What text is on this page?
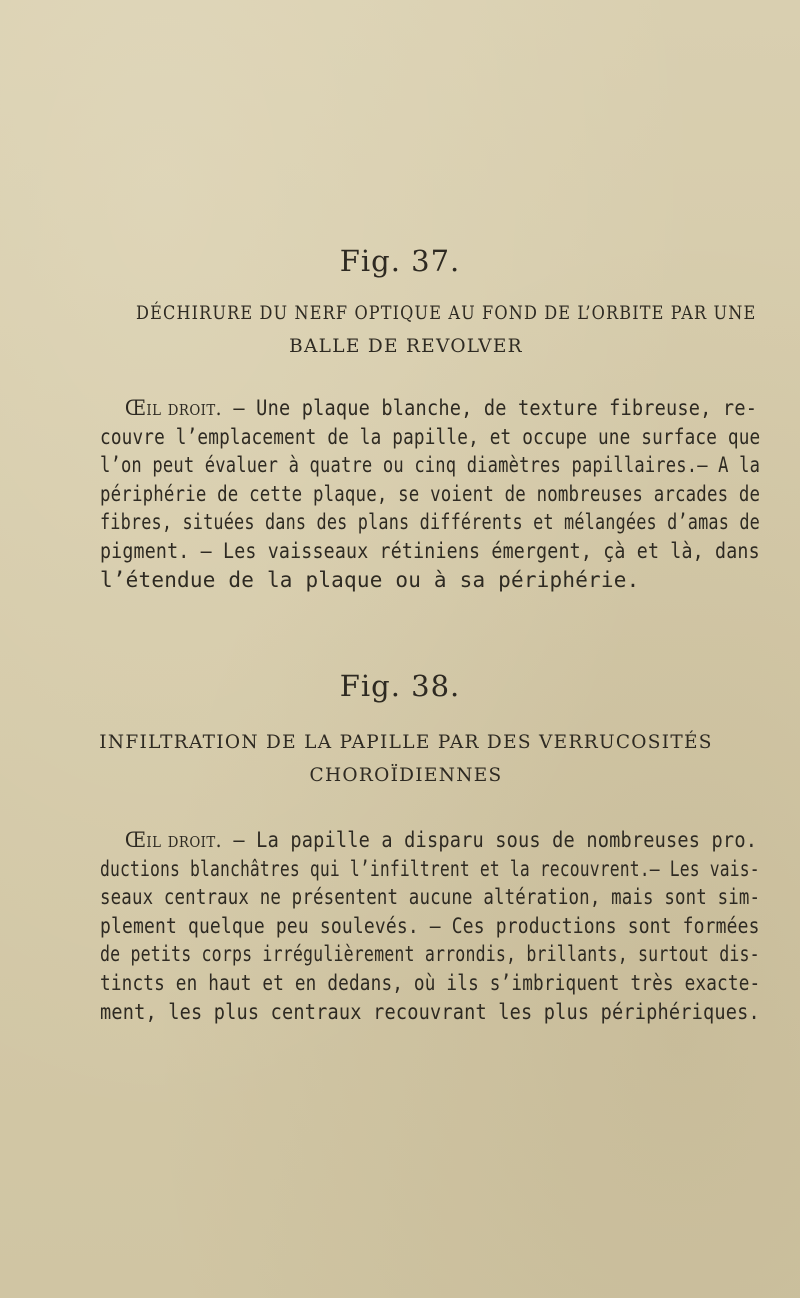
Fig. 37.
DÉCHIRURE DU NERF OPTIQUE AU FOND DE L’ORBITE PAR UNE
BALLE DE REVOLVER
Œil droit. — Une plaque blanche, de texture fibreuse, re-
couvre l’emplacement de la papille, et occupe une surface que
l’on peut évaluer à quatre ou cinq diamètres papillaires.— A la
périphérie de cette plaque, se voient de nombreuses arcades de
fibres, situées dans des plans différents et mélangées d’amas de
pigment. — Les vaisseaux rétiniens émergent, çà et là, dans
l’étendue de la plaque ou à sa périphérie.
Fig. 38.
INFILTRATION DE LA PAPILLE PAR DES VERRUCOSITÉS
CHOROÏDIENNES
Œil droit. — La papille a disparu sous de nombreuses pro.
ductions blanchâtres qui l’infiltrent et la recouvrent.— Les vais-
seaux centraux ne présentent aucune altération, mais sont sim-
plement quelque peu soulevés. — Ces productions sont formées
de petits corps irrégulièrement arrondis, brillants, surtout dis-
tincts en haut et en dedans, où ils s’imbriquent très exacte-
ment, les plus centraux recouvrant les plus périphériques.
